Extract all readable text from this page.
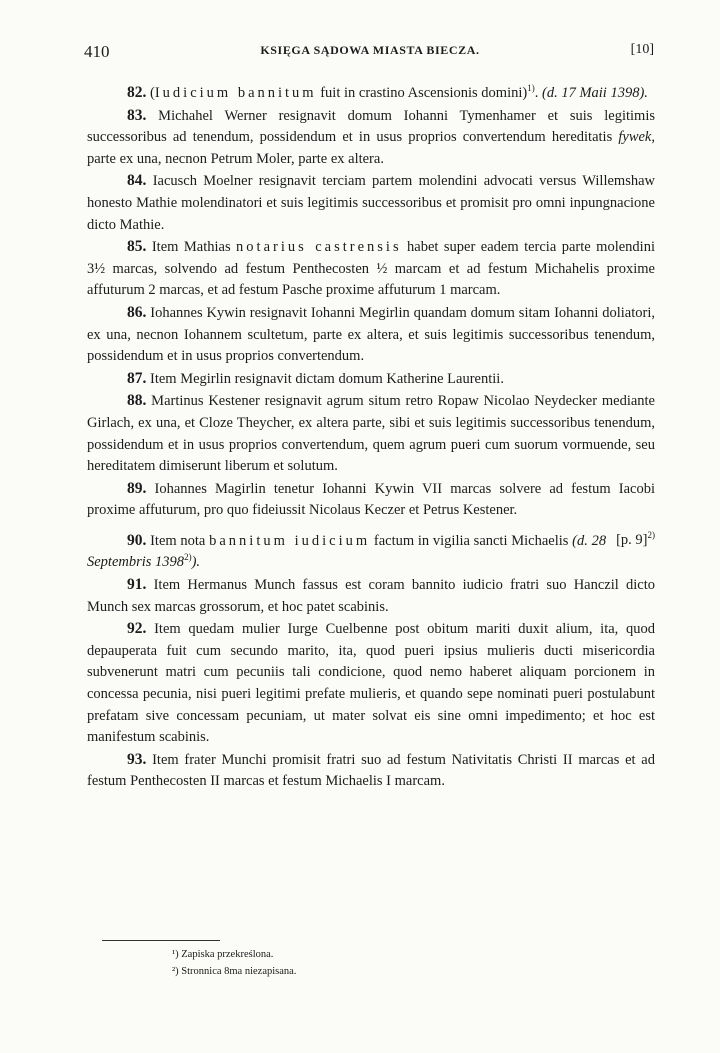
410	KSIĘGA SĄDOWA MIASTA BIECZA.	[10]

82. (Iudicium bannitum fuit in crastino Ascensionis domini)$^{1)}$. (d. 17 Maii 1398).

83. Michahel Werner resignavit domum Iohanni Tymenhamer et suis legitimis successoribus ad tenendum, possidendum et in usus proprios convertendum hereditatis fywek, parte ex una, necnon Petrum Moler, parte ex altera.

84. Iacusch Moelner resignavit terciam partem molendini advocati versus Willemshaw honesto Mathie molendinatori et suis legitimis successoribus et promisit pro omni inpungnacione dicto Mathie.

85. Item Mathias notarius castrensis habet super eadem tercia parte molendini 3½ marcas, solvendo ad festum Penthecosten ½ marcam et ad festum Michahelis proxime affuturum 2 marcas, et ad festum Pasche proxime affuturum 1 marcam.

86. Iohannes Kywin resignavit Iohanni Megirlin quandam domum sitam Iohanni doliatori, ex una, necnon Iohannem scultetum, parte ex altera, et suis legitimis successoribus tenendum, possidendum et in usus proprios convertendum.

87. Item Megirlin resignavit dictam domum Katherine Laurentii.

88. Martinus Kestener resignavit agrum situm retro Ropaw Nicolao Neydecker mediante Girlach, ex una, et Cloze Theycher, ex altera parte, sibi et suis legitimis successoribus tenendum, possidendum et in usus proprios convertendum, quem agrum pueri cum suorum vormuende, seu hereditatem dimiserunt liberum et solutum.

89. Iohannes Magirlin tenetur Iohanni Kywin VII marcas solvere ad festum Iacobi proxime affuturum, pro quo fideiussit Nicolaus Keczer et Petrus Kestener.

[p. 9]$^{2)}$
90. Item nota bannitum iudicium factum in vigilia sancti Michaelis (d. 28 Septembris 1398$^{2)}$).

91. Item Hermanus Munch fassus est coram bannito iudicio fratri suo Hanczil dicto Munch sex marcas grossorum, et hoc patet scabinis.

92. Item quedam mulier Iurge Cuelbenne post obitum mariti duxit alium, ita, quod depauperata fuit cum secundo marito, ita, quod pueri ipsius mulieris ducti misericordia subvenerunt matri cum pecuniis tali condicione, quod nemo haberet aliquam porcionem in concessa pecunia, nisi pueri legitimi prefate mulieris, et quando sepe nominati pueri postulabunt prefatam sive concessam pecuniam, ut mater solvat eis sine omni impedimento; et hoc est manifestum scabinis.

93. Item frater Munchi promisit fratri suo ad festum Nativitatis Christi II marcas et ad festum Penthecosten II marcas et festum Michaelis I marcam.

¹) Zapiska przekreślona.
²) Stronnica 8ma niezapisana.
